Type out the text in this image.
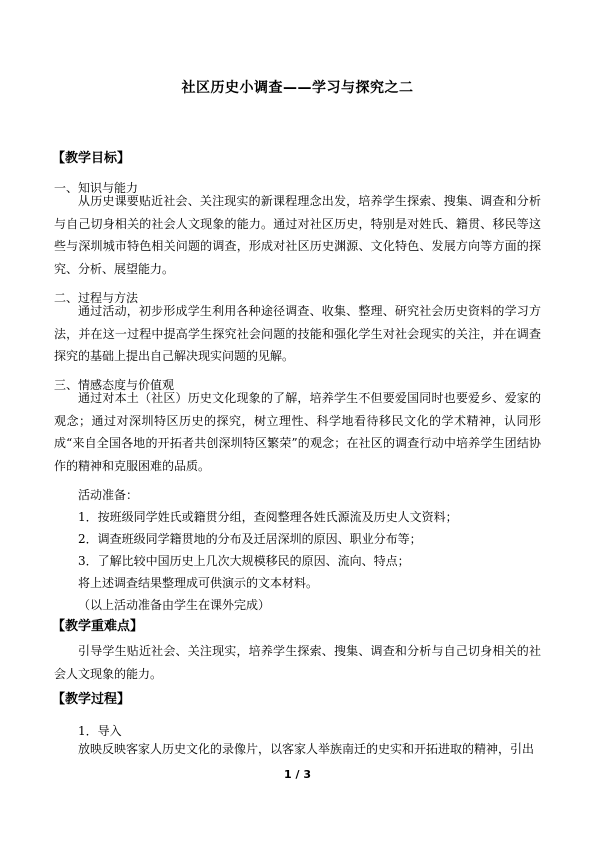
社区历史小调查——学习与探究之二
【教学目标】
一、知识与能力
从历史课要贴近社会、关注现实的新课程理念出发，培养学生探索、搜集、调查和分析与自己切身相关的社会人文现象的能力。通过对社区历史，特别是对姓氏、籍贯、移民等这些与深圳城市特色相关问题的调查，形成对社区历史渊源、文化特色、发展方向等方面的探究、分析、展望能力。
二、过程与方法
通过活动，初步形成学生利用各种途径调查、收集、整理、研究社会历史资料的学习方法，并在这一过程中提高学生探究社会问题的技能和强化学生对社会现实的关注，并在调查探究的基础上提出自己解决现实问题的见解。
三、情感态度与价值观
通过对本土（社区）历史文化现象的了解，培养学生不但要爱国同时也要爱乡、爱家的观念；通过对深圳特区历史的探究，树立理性、科学地看待移民文化的学术精神，认同形成“来自全国各地的开拓者共创深圳特区繁荣”的观念；在社区的调查行动中培养学生团结协作的精神和克服困难的品质。
活动准备：
1．按班级同学姓氏或籍贯分组，查阅整理各姓氏源流及历史人文资料；
2．调查班级同学籍贯地的分布及迁居深圳的原因、职业分布等；
3．了解比较中国历史上几次大规模移民的原因、流向、特点；
将上述调查结果整理成可供演示的文本材料。
（以上活动准备由学生在课外完成）
【教学重难点】
引导学生贴近社会、关注现实，培养学生探索、搜集、调查和分析与自己切身相关的社会人文现象的能力。
【教学过程】
1．导入
放映反映客家人历史文化的录像片，以客家人举族南迁的史实和开拓进取的精神，引出
1 / 3
